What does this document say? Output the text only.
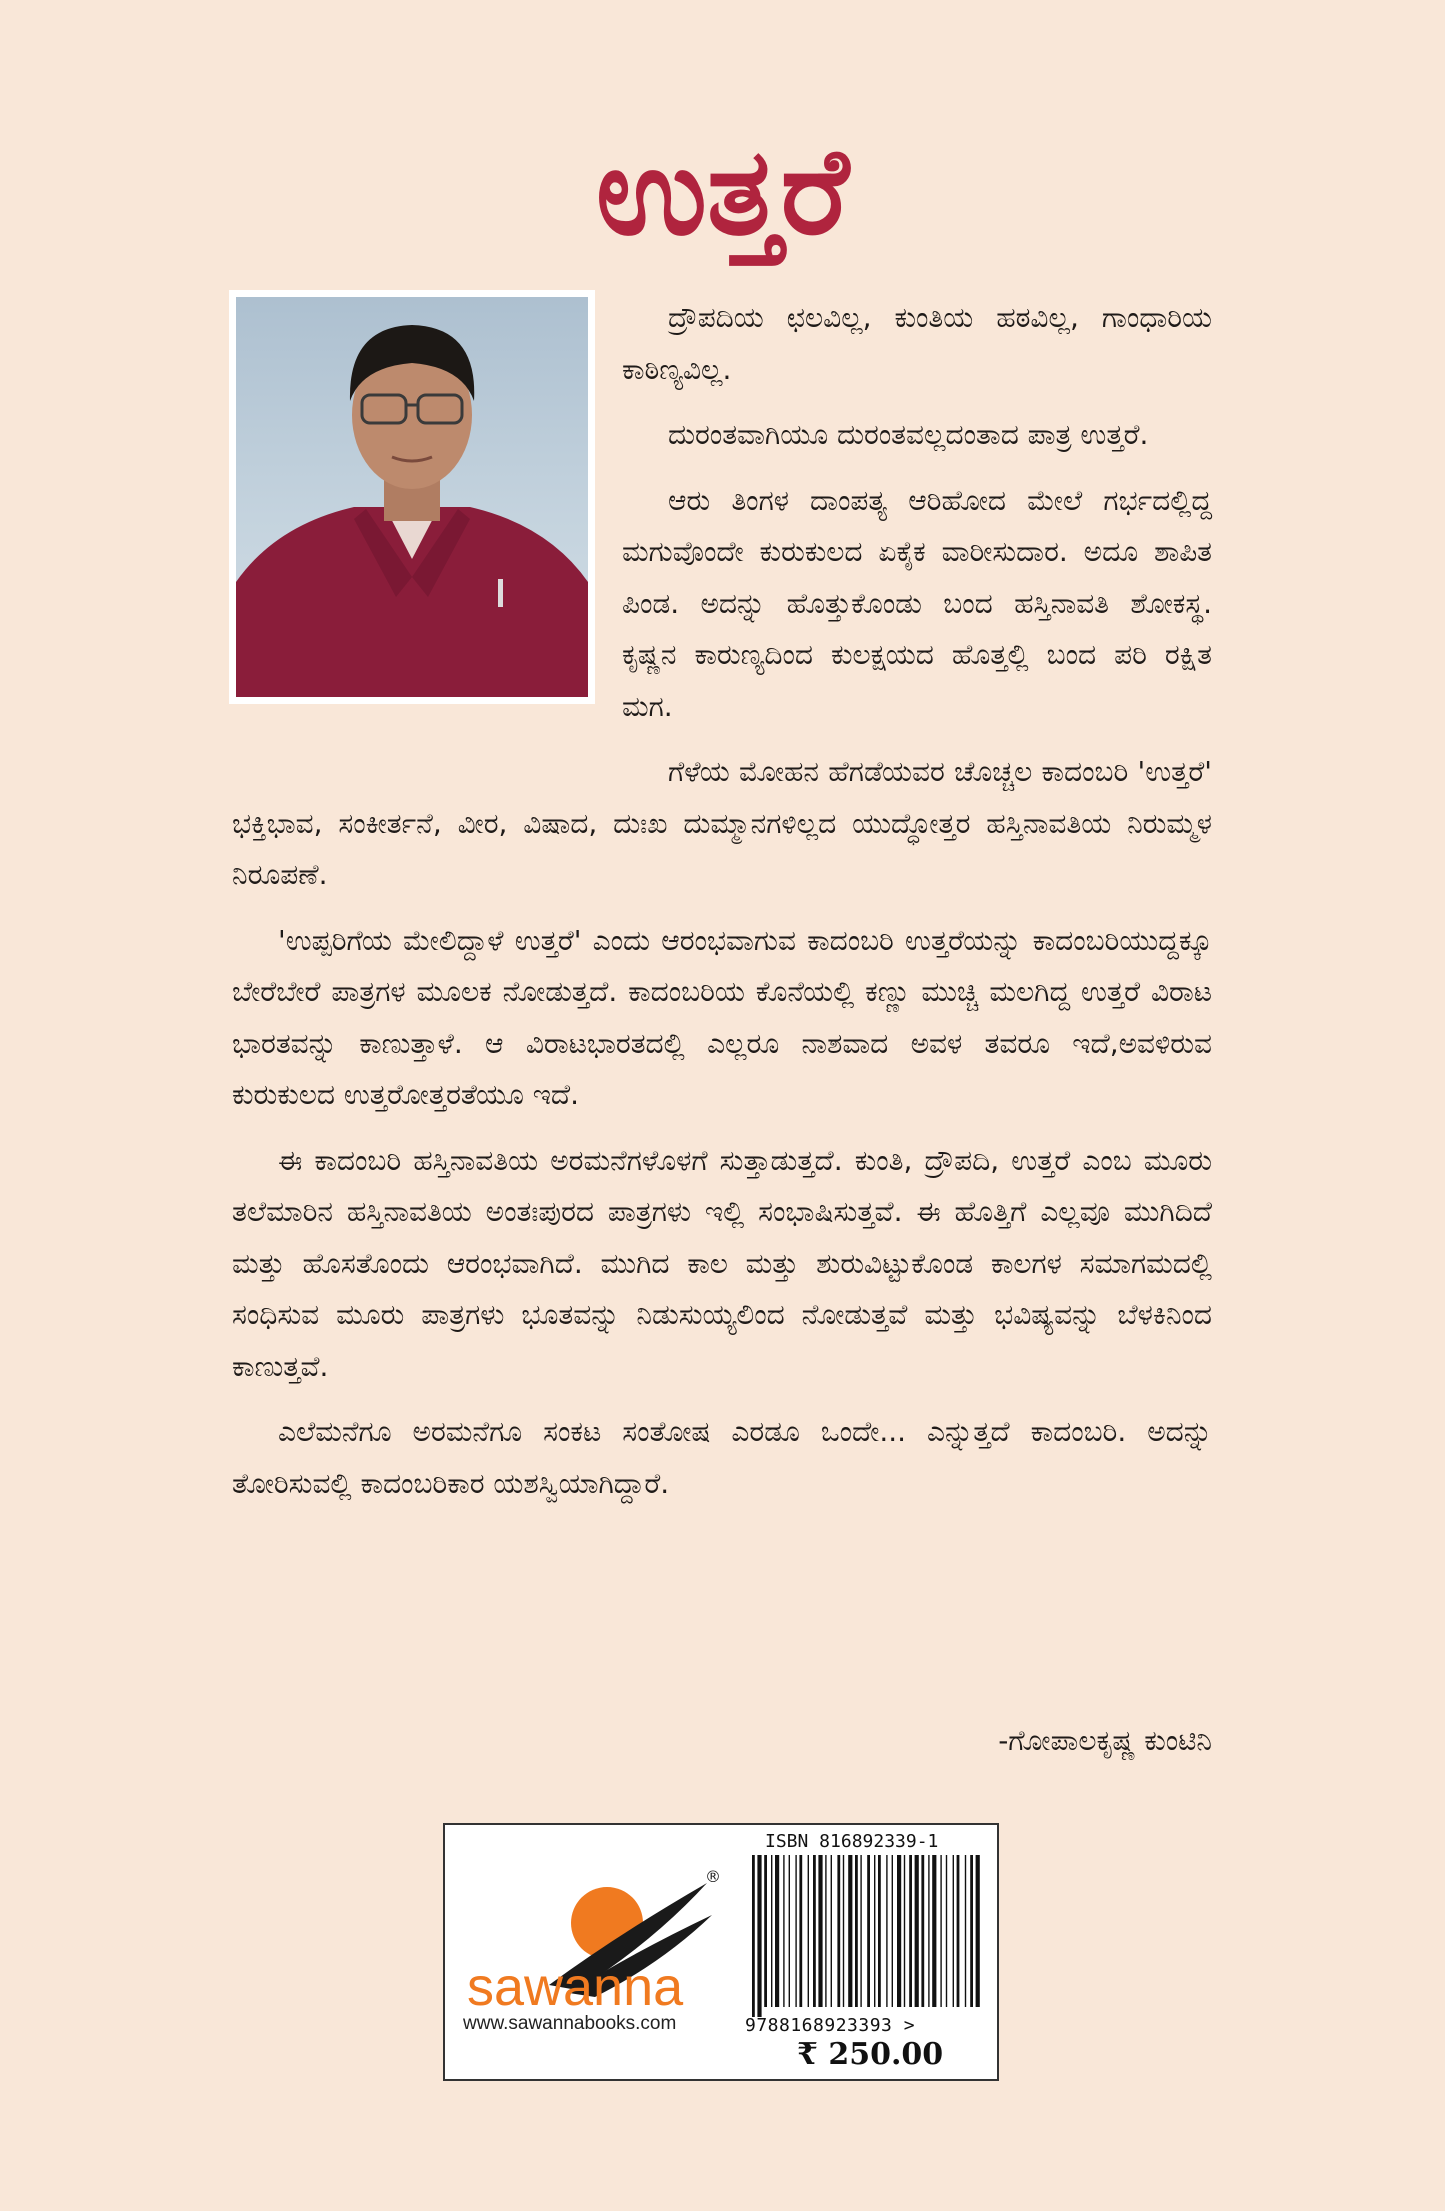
ಉತ್ತರೆ

ದ್ರೌಪದಿಯ ಛಲವಿಲ್ಲ, ಕುಂತಿಯ ಹಠವಿಲ್ಲ, ಗಾಂಧಾರಿಯ ಕಾಠಿಣ್ಯವಿಲ್ಲ.

ದುರಂತವಾಗಿಯೂ ದುರಂತವಲ್ಲದಂತಾದ ಪಾತ್ರ ಉತ್ತರೆ.

ಆರು ತಿಂಗಳ ದಾಂಪತ್ಯ ಆರಿಹೋದ ಮೇಲೆ ಗರ್ಭದಲ್ಲಿದ್ದ ಮಗುವೊಂದೇ ಕುರುಕುಲದ ಏಕೈಕ ವಾರೀಸುದಾರ. ಅದೂ ಶಾಪಿತ ಪಿಂಡ. ಅದನ್ನು ಹೊತ್ತುಕೊಂಡು ಬಂದ ಹಸ್ತಿನಾವತಿ ಶೋಕಸ್ಥ. ಕೃಷ್ಣನ ಕಾರುಣ್ಯದಿಂದ ಕುಲಕ್ಷಯದ ಹೊತ್ತಲ್ಲಿ ಬಂದ ಪರಿ ರಕ್ಷಿತ ಮಗ.

ಗೆಳೆಯ ಮೋಹನ ಹೆಗಡೆಯವರ ಚೊಚ್ಚಲ ಕಾದಂಬರಿ 'ಉತ್ತರೆ' ಭಕ್ತಿಭಾವ, ಸಂಕೀರ್ತನೆ, ವೀರ, ವಿಷಾದ, ದುಃಖ ದುಮ್ಮಾನಗಳಿಲ್ಲದ ಯುದ್ಧೋತ್ತರ ಹಸ್ತಿನಾವತಿಯ ನಿರುಮ್ಮಳ ನಿರೂಪಣೆ.

'ಉಪ್ಪರಿಗೆಯ ಮೇಲಿದ್ದಾಳೆ ಉತ್ತರೆ' ಎಂದು ಆರಂಭವಾಗುವ ಕಾದಂಬರಿ ಉತ್ತರೆಯನ್ನು ಕಾದಂಬರಿಯುದ್ದಕ್ಕೂ ಬೇರೆಬೇರೆ ಪಾತ್ರಗಳ ಮೂಲಕ ನೋಡುತ್ತದೆ. ಕಾದಂಬರಿಯ ಕೊನೆಯಲ್ಲಿ ಕಣ್ಣು ಮುಚ್ಚಿ ಮಲಗಿದ್ದ ಉತ್ತರೆ ವಿರಾಟ ಭಾರತವನ್ನು ಕಾಣುತ್ತಾಳೆ. ಆ ವಿರಾಟಭಾರತದಲ್ಲಿ ಎಲ್ಲರೂ ನಾಶವಾದ ಅವಳ ತವರೂ ಇದೆ,ಅವಳಿರುವ ಕುರುಕುಲದ ಉತ್ತರೋತ್ತರತೆಯೂ ಇದೆ.

ಈ ಕಾದಂಬರಿ ಹಸ್ತಿನಾವತಿಯ ಅರಮನೆಗಳೊಳಗೆ ಸುತ್ತಾಡುತ್ತದೆ. ಕುಂತಿ, ದ್ರೌಪದಿ, ಉತ್ತರೆ ಎಂಬ ಮೂರು ತಲೆಮಾರಿನ ಹಸ್ತಿನಾವತಿಯ ಅಂತಃಪುರದ ಪಾತ್ರಗಳು ಇಲ್ಲಿ ಸಂಭಾಷಿಸುತ್ತವೆ. ಈ ಹೊತ್ತಿಗೆ ಎಲ್ಲವೂ ಮುಗಿದಿದೆ ಮತ್ತು ಹೊಸತೊಂದು ಆರಂಭವಾಗಿದೆ. ಮುಗಿದ ಕಾಲ ಮತ್ತು ಶುರುವಿಟ್ಟುಕೊಂಡ ಕಾಲಗಳ ಸಮಾಗಮದಲ್ಲಿ ಸಂಧಿಸುವ ಮೂರು ಪಾತ್ರಗಳು ಭೂತವನ್ನು ನಿಡುಸುಯ್ಯಲಿಂದ ನೋಡುತ್ತವೆ ಮತ್ತು ಭವಿಷ್ಯವನ್ನು ಬೆಳಕಿನಿಂದ ಕಾಣುತ್ತವೆ.

ಎಲೆಮನೆಗೂ ಅರಮನೆಗೂ ಸಂಕಟ ಸಂತೋಷ ಎರಡೂ ಒಂದೇ... ಎನ್ನುತ್ತದೆ ಕಾದಂಬರಿ. ಅದನ್ನು ತೋರಿಸುವಲ್ಲಿ ಕಾದಂಬರಿಕಾರ ಯಶಸ್ವಿಯಾಗಿದ್ದಾರೆ.

-ಗೋಪಾಲಕೃಷ್ಣ ಕುಂಟಿನಿ
®
sawanna
www.sawannabooks.com
ISBN 816892339-1
9788168923393 >
₹ 250.00
